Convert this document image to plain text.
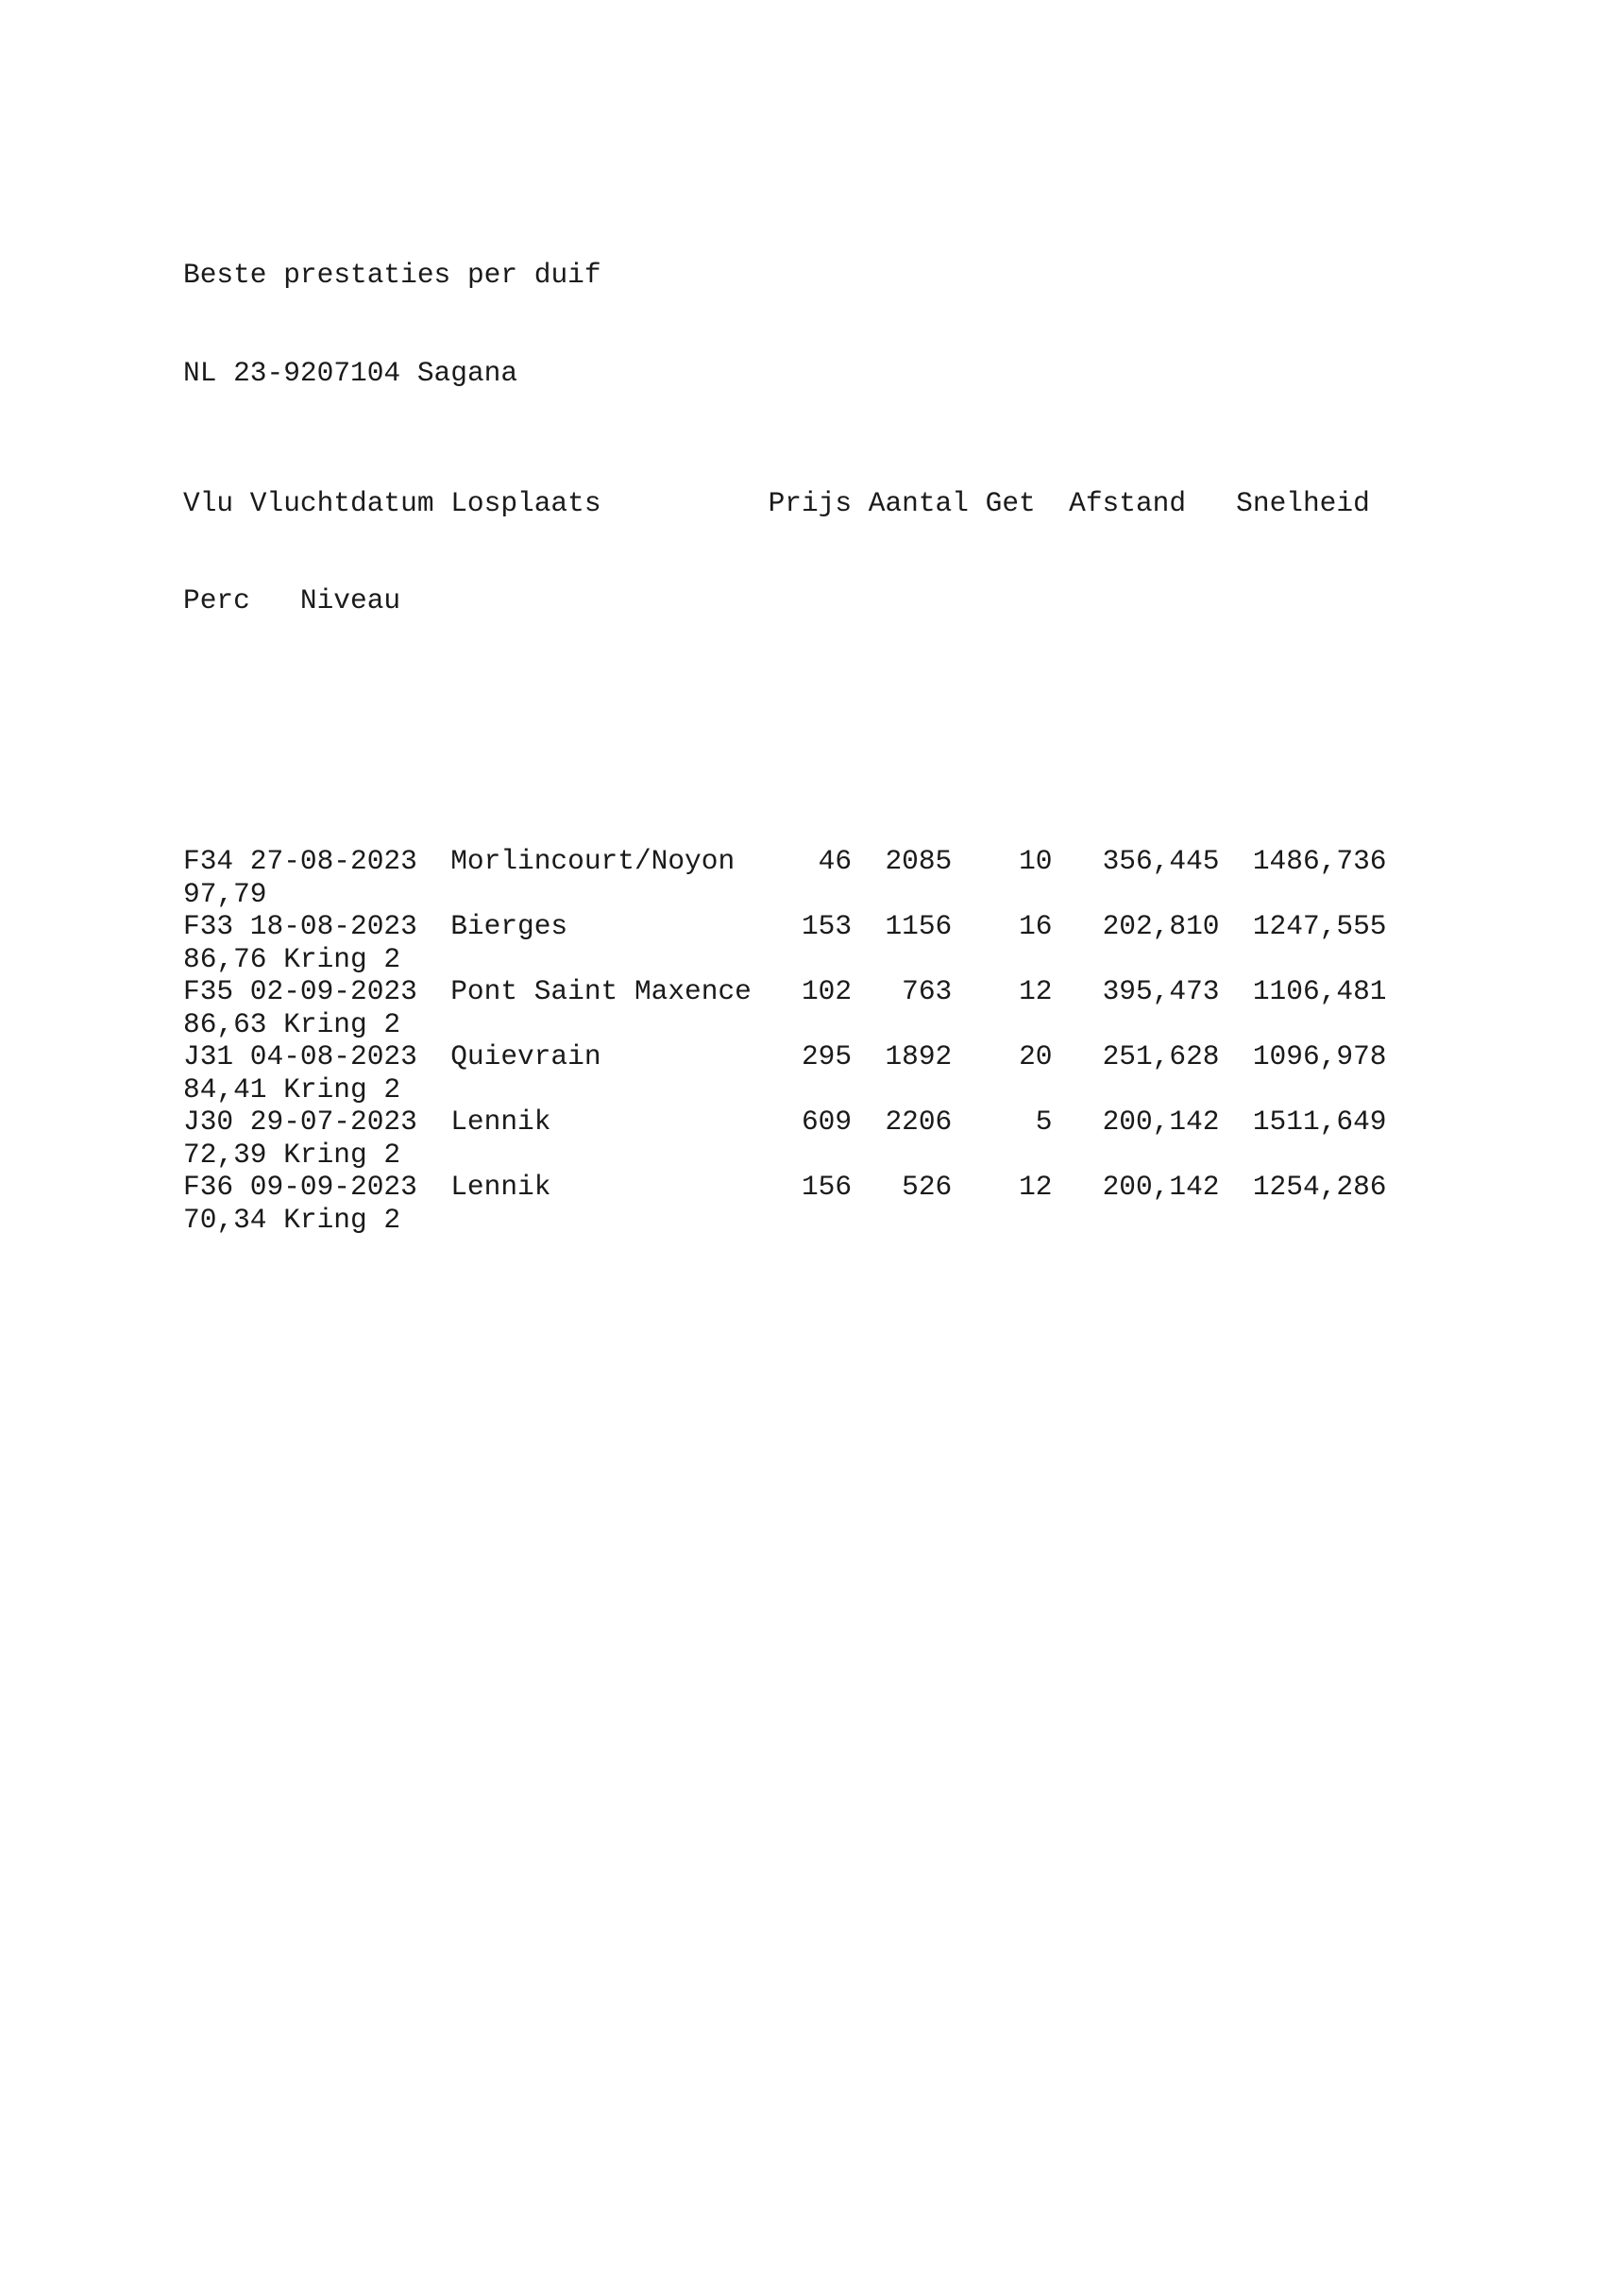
Beste prestaties per duif

NL 23-9207104 Sagana

Vlu Vluchtdatum Losplaats	Prijs Aantal Get Afstand Snelheid

Perc Niveau

F34 27-08-2023 Morlincourt/Noyon	46 2085 10 356,445 1486,736
97,79
F33 18-08-2023 Bierges	153 1156 16 202,810 1247,555
86,76 Kring 2
F35 02-09-2023 Pont Saint Maxence 102 763 12 395,473 1106,481
86,63 Kring 2
J31 04-08-2023 Quievrain	295 1892 20 251,628 1096,978
84,41 Kring 2
J30 29-07-2023 Lennik	609 2206	5 200,142 1511,649
72,39 Kring 2
F36 09-09-2023 Lennik	156 526 12 200,142 1254,286
70,34 Kring 2
